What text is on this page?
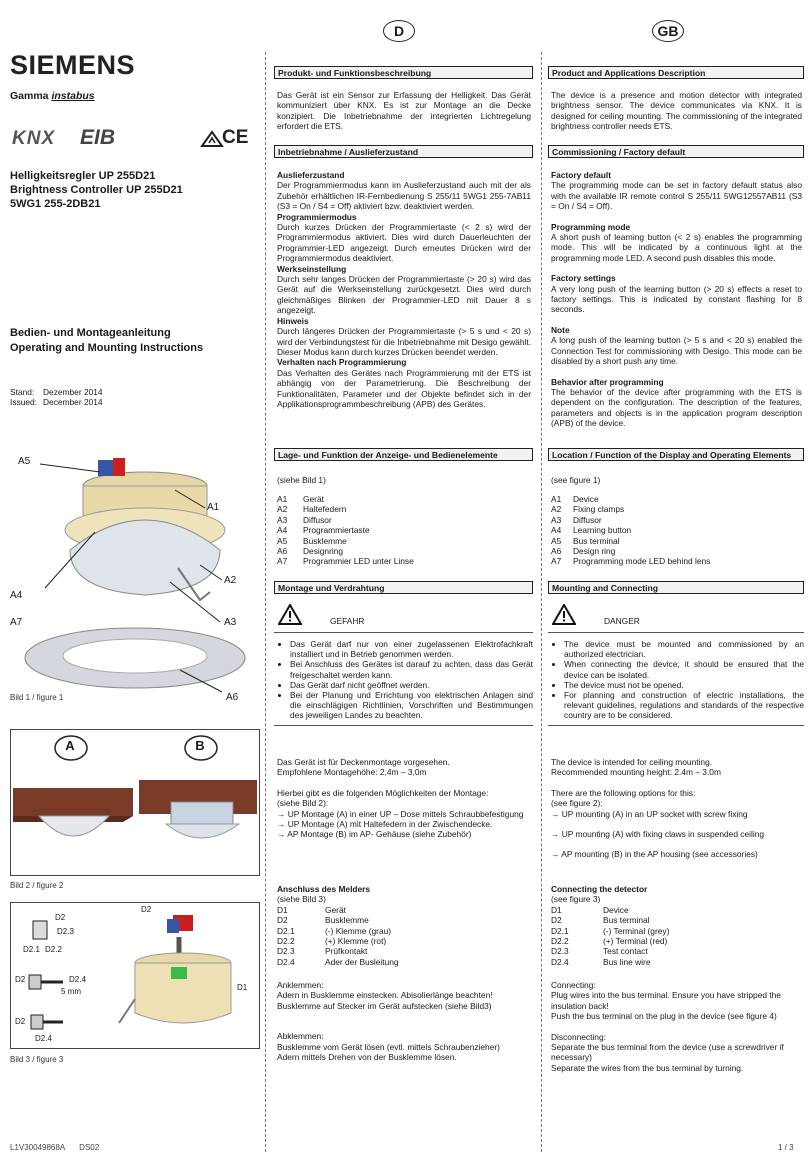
D	GB
SIEMENS
Gamma instabus
KNX EIB	CE
Helligkeitsregler UP 255D21
Brightness Controller UP 255D21
5WG1 255-2DB21
Bedien- und Montageanleitung
Operating and Mounting Instructions
Stand: Dezember 2014
Issued: December 2014
A5
A1
A4
A2
A7	A3
A6
Bild 1 / figure 1
A	B
Bild 2 / figure 2
D2
D2.3
D2.1 D2.2
D2	D2.4
5 mm
D2
D2.4
D2
D1
Bild 3 / figure 3
L1V30049868A DS02	1 / 3
Produkt- und Funktionsbeschreibung

Das Gerät ist ein Sensor zur Erfassung der Helligkeit. Das Gerät kommuniziert über KNX. Es ist zur Montage an die Decke konzipiert. Die Inbetriebnahme der integrierten Lichtregelung erfordert die ETS.

Inbetriebnahme / Auslieferzustand

Auslieferzustand

Der Programmiermodus kann im Auslieferzustand auch mit der als Zubehör erhältlichen IR-Fernbedienung S 255/11 5WG1 255-7AB11 (S3 = On / S4 = Off) aktiviert bzw. deaktiviert werden.

Programmiermodus

Durch kurzes Drücken der Programmiertaste (< 2 s) wird der Programmiermodus aktiviert. Dies wird durch Dauerleuchten der Programmier-LED angezeigt. Durch erneutes Drücken wird der Programmiermodus deaktiviert.

Werkseinstellung

Durch sehr langes Drücken der Programmiertaste (> 20 s) wird das Gerät auf die Werkseinstellung zurückgesetzt. Dies wird durch gleichmäßiges Blinken der Programmier-LED mit Dauer 8 s angezeigt.

Hinweis

Durch längeres Drücken der Programmiertaste (> 5 s und < 20 s) wird der Verbindungstest für die Inbetriebnahme mit Desigo gewählt. Dieser Modus kann durch kurzes Drücken beendet werden.

Verhalten nach Programmierung

Das Verhalten des Gerätes nach Programmierung mit der ETS ist abhängig von der Parametrierung. Die Beschreibung der Funktionalitäten, Parameter und der Objekte befindet sich in der Applikationsprogrammbeschreibung (APB) des Gerätes.

Lage- und Funktion der Anzeige- und Bedienelemente

(siehe Bild 1)

A1	Gerät
A2	Haltefedern
A3	Diffusor
A4	Programmiertaste
A5	Busklemme
A6	Designring
A7	Programmier LED unter Linse
Montage und Verdrahtung
GEFAHR
• Das Gerät darf nur von einer zugelassenen Elektrofachkraft installiert und in Betrieb genommen werden.
• Bei Anschluss des Gerätes ist darauf zu achten, dass das Gerät freigeschaltet werden kann.
• Das Gerät darf nicht geöffnet werden.
• Bei der Planung und Errichtung von elektrischen Anlagen sind die einschlägigen Richtlinien, Vorschriften und Bestimmungen des jeweiligen Landes zu beachten.

Das Gerät ist für Deckenmontage vorgesehen.

Empfohlene Montagehöhe: 2,4m – 3,0m

Hierbei gibt es die folgenden Möglichkeiten der Montage:

(siehe Bild 2):

→ UP Montage (A) in einer UP – Dose mittels Schraubbefestigung

→ UP Montage (A) mit Haltefedern in der Zwischendecke.

→ AP Montage (B) im AP- Gehäuse (siehe Zubehör)

Anschluss des Melders

(siehe Bild 3)

D1	Gerät
D2	Busklemme
D2.1	(-) Klemme (grau)
D2.2	(+) Klemme (rot)
D2.3	Prüfkontakt
D2.4	Ader der Busleitung

Anklemmen:

Adern in Busklemme einstecken. Abisolierlänge beachten!

Busklemme auf Stecker im Gerät aufstecken (siehe Bild3)

Abklemmen:

Busklemme vom Gerät lösen (evtl. mittels Schraubenzieher)

Adern mittels Drehen von der Busklemme lösen.

Product and Applications Description

The device is a presence and motion detector with integrated brightness sensor. The device communicates via KNX. It is designed for ceiling mounting. The commissioning of the integrated brightness controller needs ETS.

Commissioning / Factory default

Factory default

The programming mode can be set in factory default status also with the available IR remote control S 255/11 5WG12557AB11 (S3 = On / S4 = Off).

Programming mode

A short push of learning button (< 2 s) enables the programming mode. This will be indicated by a continuous light at the programming mode LED. A second push disables this mode.

Factory settings

A very long push of the learning button (> 20 s) effects a reset to factory settings. This is indicated by constant flashing for 8 seconds.

Note

A long push of the learning button (> 5 s and < 20 s) enabled the Connection Test for commissioning with Desigo. This mode can be disabled by a short push any time.

Behavior after programming

The behavior of the device after programming with the ETS is dependent on the configuration. The description of the features, parameters and objects is in the application program description (APB) of the device.

Location / Function of the Display and Operating Elements

(see figure 1)

A1	Device
A2	Fixing clamps
A3	Diffusor
A4	Learning button
A5	Bus terminal
A6	Design ring
A7	Programming mode LED behind lens
Mounting and Connecting
DANGER
• The device must be mounted and commissioned by an authorized electrician.
• When connecting the device, it should be ensured that the device can be isolated.
• The device must not be opened.
• For planning and construction of electric installations, the relevant guidelines, regulations and standards of the respective country are to be considered.

The device is intended for ceiling mounting.

Recommended mounting height: 2.4m – 3.0m

There are the following options for this:

(see figure 2):

→ UP mounting (A) in an UP socket with screw fixing

→ UP mounting (A) with fixing claws in suspended ceiling

→ AP mounting (B) in the AP housing (see accessories)

Connecting the detector

(see figure 3)

D1	Device
D2	Bus terminal
D2.1	(-) Terminal (grey)
D2.2	(+) Terminal (red)
D2.3	Test contact
D2.4	Bus line wire

Connecting:

Plug wires into the bus terminal. Ensure you have stripped the insulation back!

Push the bus terminal on the plug in the device (see figure 4)

Disconnecting:

Separate the bus terminal from the device (use a screwdriver if necessary)

Separate the wires from the bus terminal by turning.
